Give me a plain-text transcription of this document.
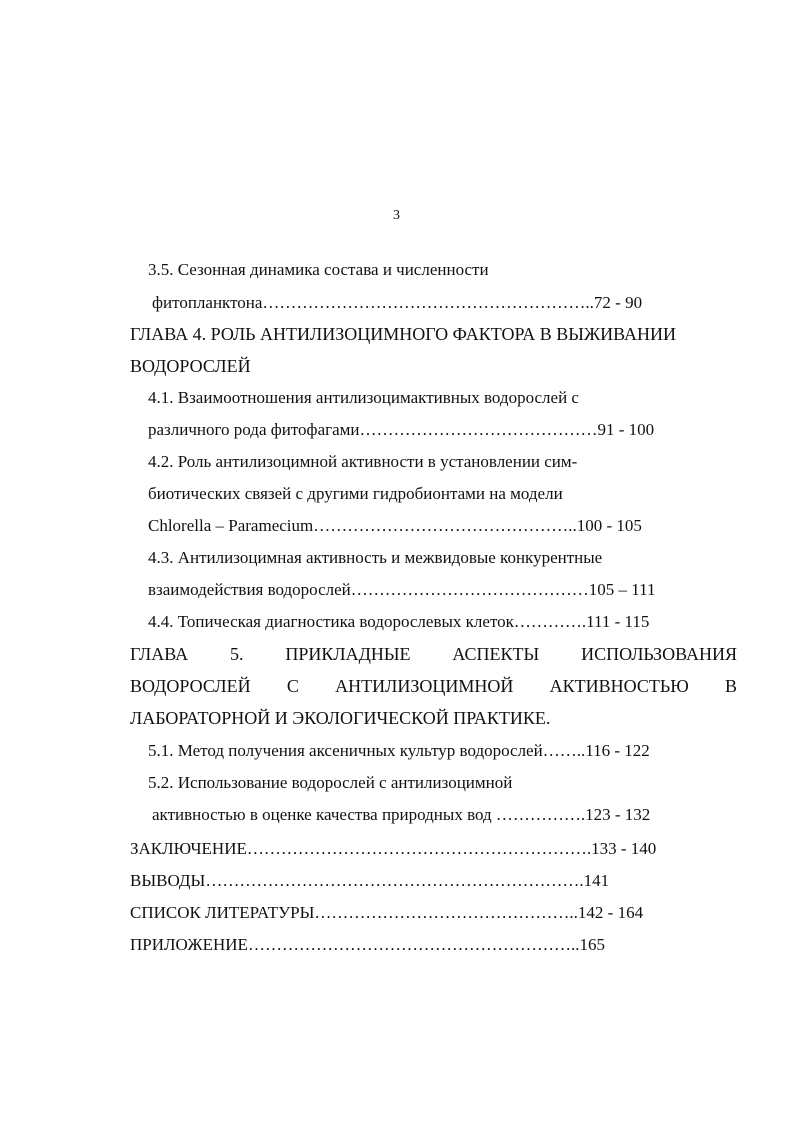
3
3.5. Сезонная динамика состава и численности
фитопланктона…………………………………………………..72 - 90
ГЛАВА 4. РОЛЬ АНТИЛИЗОЦИМНОГО ФАКТОРА В ВЫЖИВАНИИ
ВОДОРОСЛЕЙ
4.1. Взаимоотношения антилизоцимактивных водорослей с
различного рода фитофагами……………………………………91 - 100
4.2. Роль антилизоцимной активности в установлении сим-
биотических связей с другими гидробионтами на модели
Chlorella – Paramecium………………………………………..100 - 105
4.3. Антилизоцимная активность и межвидовые конкурентные
взаимодействия водорослей……………………………………105 – 111
4.4. Топическая диагностика водорослевых клеток………….111 - 115
ГЛАВА 5. ПРИКЛАДНЫЕ АСПЕКТЫ ИСПОЛЬЗОВАНИЯ
ВОДОРОСЛЕЙ С АНТИЛИЗОЦИМНОЙ АКТИВНОСТЬЮ В
ЛАБОРАТОРНОЙ И ЭКОЛОГИЧЕСКОЙ ПРАКТИКЕ.
5.1. Метод получения аксеничных культур водорослей……..116 - 122
5.2. Использование водорослей с антилизоцимной
активностью в оценке качества природных вод …………….123 - 132
ЗАКЛЮЧЕНИЕ…………………………………………………….133 - 140
ВЫВОДЫ………………………………………………………….141
СПИСОК ЛИТЕРАТУРЫ………………………………………..142 - 164
ПРИЛОЖЕНИЕ…………………………………………………..165
